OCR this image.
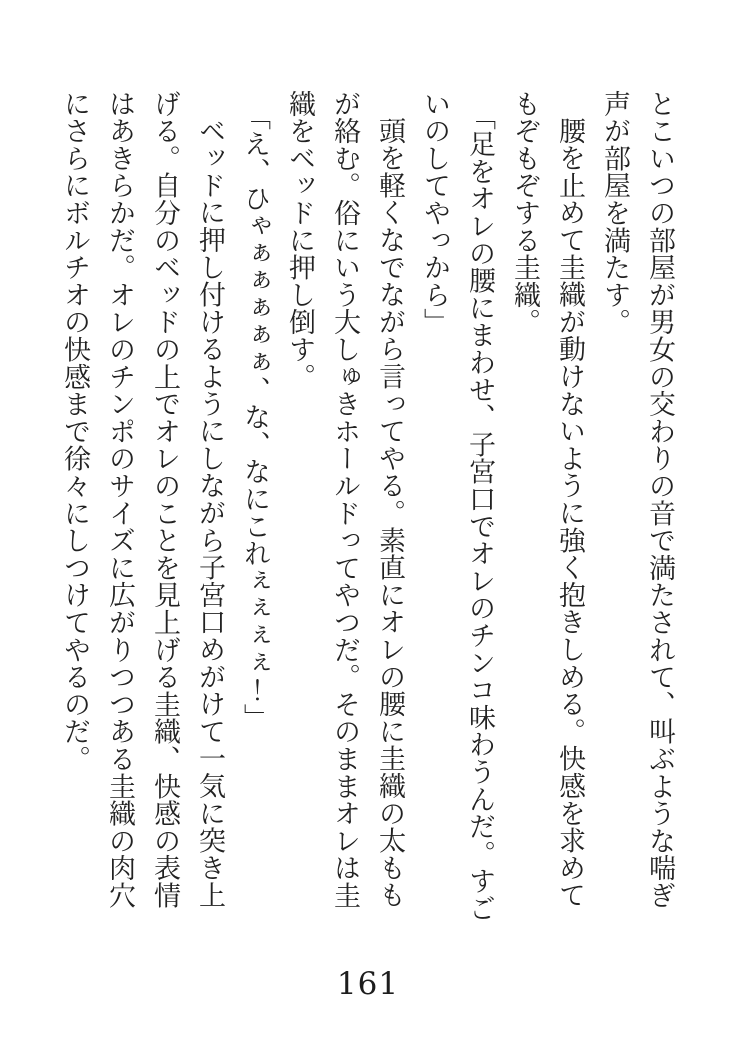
とこいつの部屋が男女の交わりの音で満たされて、叫ぶような喘ぎ声が部屋を満たす。

腰を止めて圭織が動けないように強く抱きしめる。快感を求めてもぞもぞする圭織。

「足をオレの腰にまわせ、子宮口でオレのチンコ味わうんだ。すごいのしてやっから」

頭を軽くなでながら言ってやる。素直にオレの腰に圭織の太ももが絡む。俗にいう大しゅきホールドってやつだ。そのままオレは圭織をベッドに押し倒す。

「え、ひゃぁぁぁぁぁ、な、なにこれぇぇぇぇ！」

ベッドに押し付けるようにしながら子宮口めがけて一気に突き上げる。自分のベッドの上でオレのことを見上げる圭織、快感の表情はあきらかだ。オレのチンポのサイズに広がりつつある圭織の肉穴にさらにボルチオの快感まで徐々にしつけてやるのだ。

161
